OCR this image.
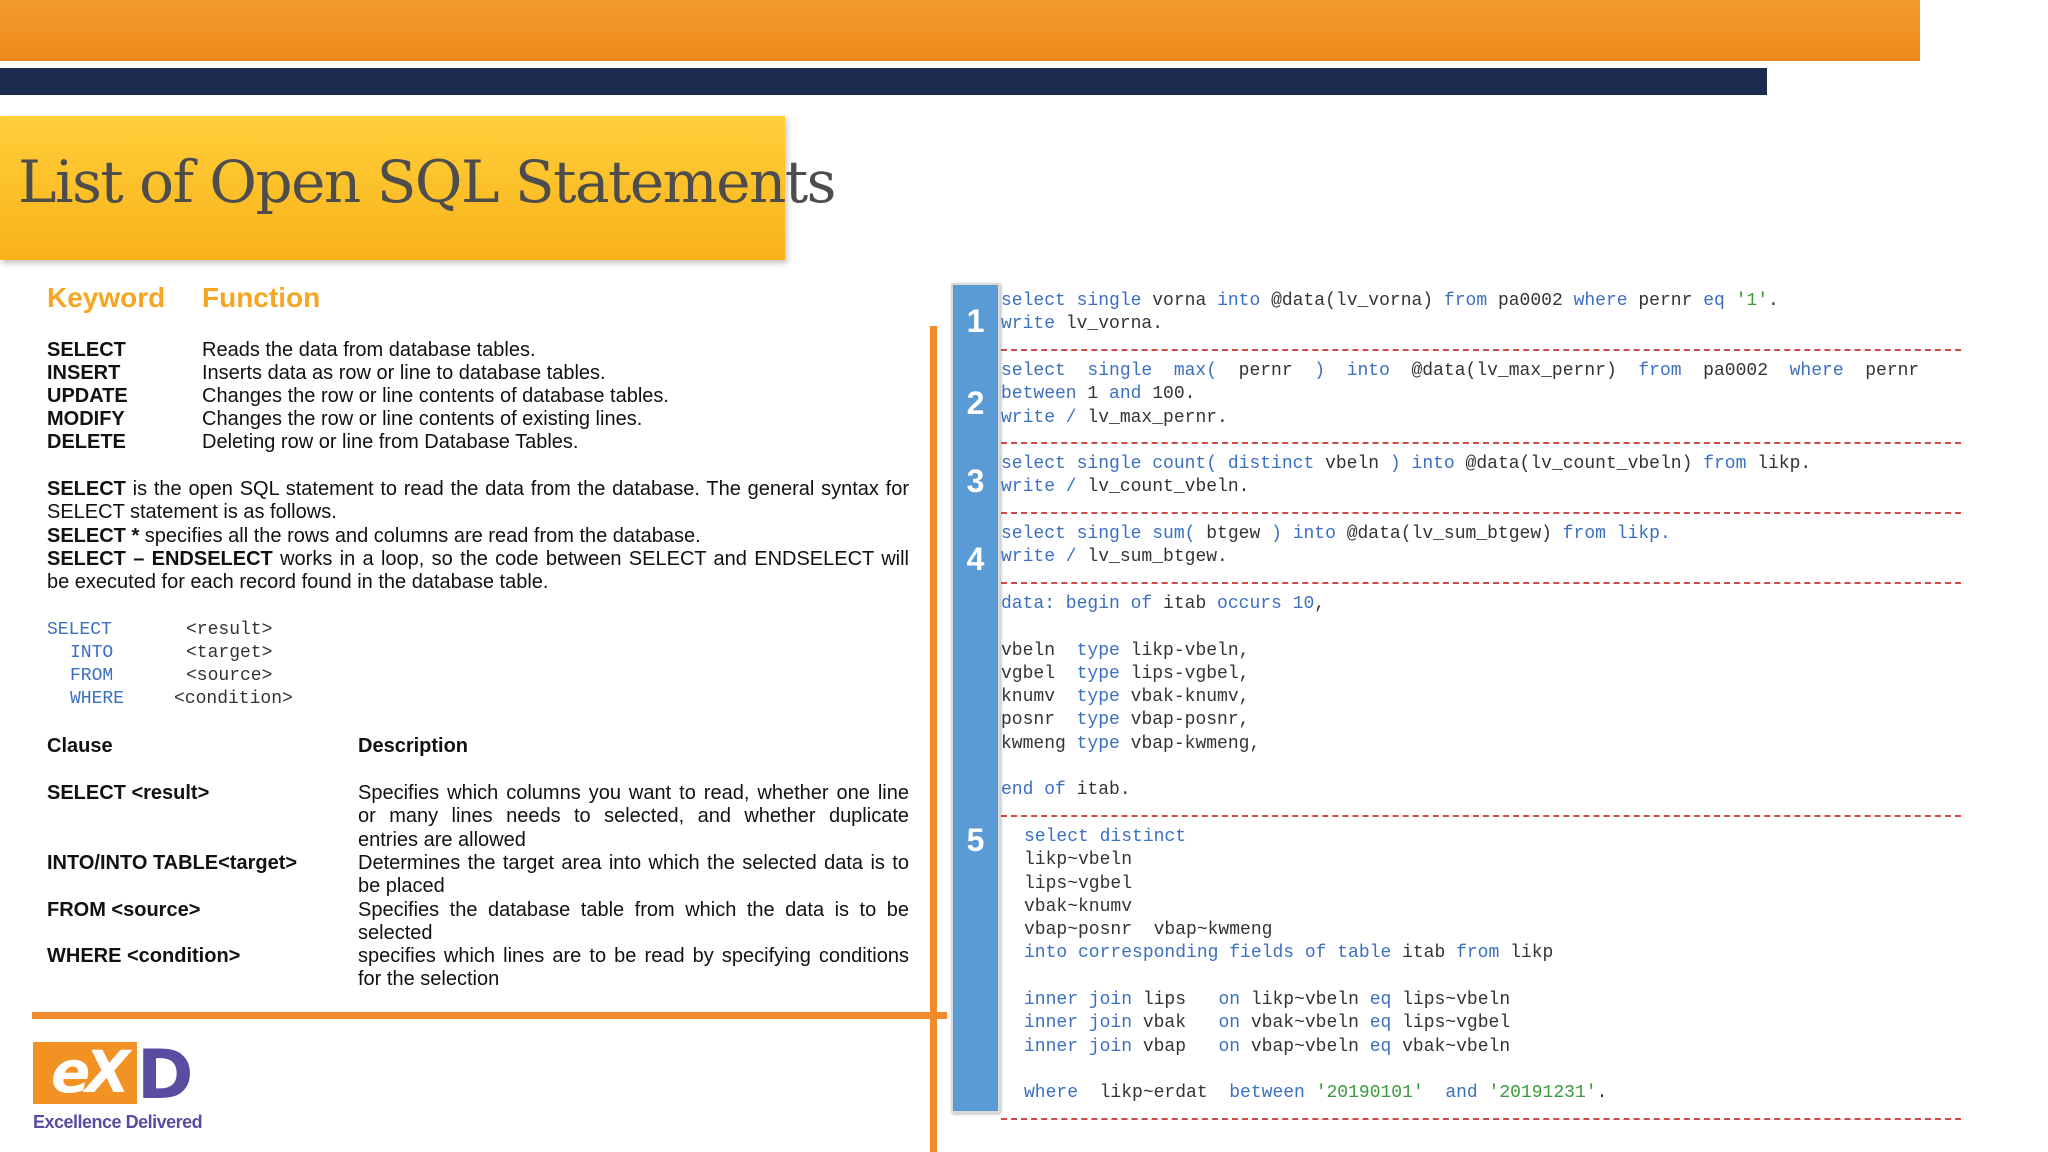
List of Open SQL Statements
Keyword Function
SELECT	Reads the data from database tables.
INSERT	Inserts data as row or line to database tables.
UPDATE	Changes the row or line contents of database tables.
MODIFY	Changes the row or line contents of existing lines.
DELETE	Deleting row or line from Database Tables.
SELECT is the open SQL statement to read the data from the database. The general syntax for SELECT statement is as follows.
SELECT * specifies all the rows and columns are read from the database.
SELECT – ENDSELECT works in a loop, so the code between SELECT and ENDSELECT will be executed for each record found in the database table.
SELECT	<result>
INTO	<target>
FROM	<source>
WHERE	<condition>
Clause	Description
SELECT <result>	Specifies which columns you want to read, whether one line or many lines needs to selected, and whether duplicate entries are allowed
INTO/INTO TABLE<target>	Determines the target area into which the selected data is to be placed
FROM <source>	Specifies the database table from which the data is to be selected
WHERE <condition>	specifies which lines are to be read by specifying conditions for the selection
1
2
3
4
5
select single vorna into @data(lv_vorna) from pa0002 where pernr eq '1'.
write lv_vorna.
select  single  max(  pernr  ) into  @data(lv_max_pernr)  from  pa0002  where  pernr
between 1 and 100.
write / lv_max_pernr.
select single count( distinct vbeln ) into @data(lv_count_vbeln) from likp.
write / lv_count_vbeln.
select single sum( btgew ) into @data(lv_sum_btgew) from likp.
write / lv_sum_btgew.
data: begin of itab occurs 10,

vbeln  type likp-vbeln,
vgbel  type lips-vgbel,
knumv  type vbak-knumv,
posnr  type vbap-posnr,
kwmeng type vbap-kwmeng,

end of itab.
select distinct
likp~vbeln
lips~vgbel
vbak~knumv
vbap~posnr  vbap~kwmeng
into corresponding fields of table itab from likp

inner join lips   on likp~vbeln eq lips~vbeln
inner join vbak   on vbak~vbeln eq lips~vgbel
inner join vbap   on vbap~vbeln eq vbak~vbeln

where  likp~erdat  between '20190101' and '20191231'.
eX D
Excellence Delivered
